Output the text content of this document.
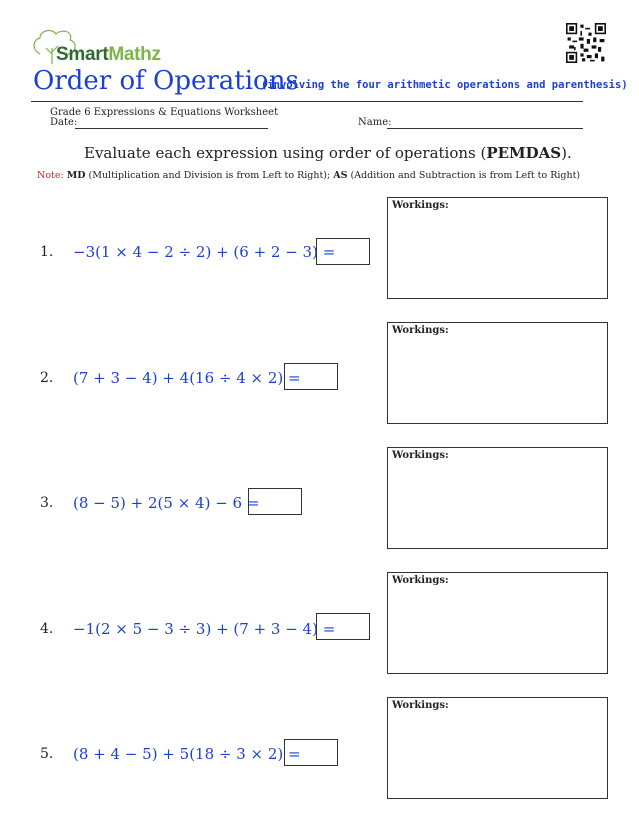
SmartMathz
Order of Operations
(involving the four arithmetic operations and parenthesis)
Grade 6 Expressions & Equations Worksheet
Date:	Name:
Evaluate each expression using order of operations (PEMDAS).
Note: MD (Multiplication and Division is from Left to Right); AS (Addition and Subtraction is from Left to Right)
1. −3(1 × 4 − 2 ÷ 2) + (6 + 2 − 3) =
Workings:
2. (7 + 3 − 4) + 4(16 ÷ 4 × 2) =
Workings:
3. (8 − 5) + 2(5 × 4) − 6 =
Workings:
4. −1(2 × 5 − 3 ÷ 3) + (7 + 3 − 4) =
Workings:
5. (8 + 4 − 5) + 5(18 ÷ 3 × 2) =
Workings:
